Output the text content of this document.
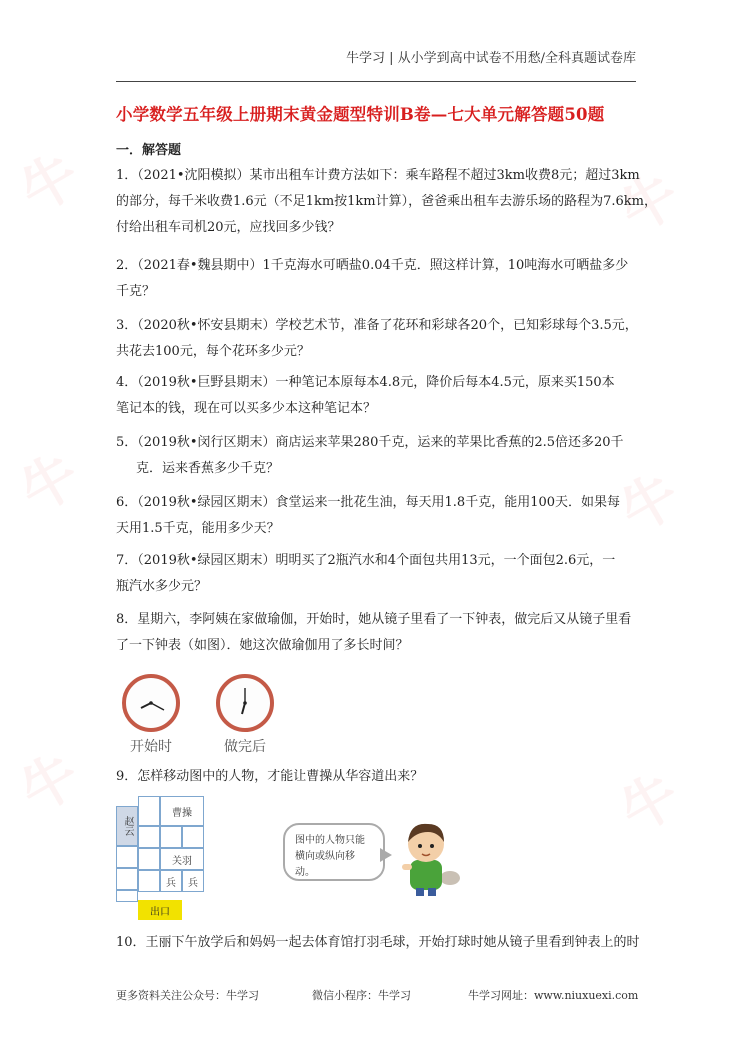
牛	牛
牛	牛
牛	牛
牛学习 | 从小学到高中试卷不用愁/全科真题试卷库
小学数学五年级上册期末黄金题型特训B卷—七大单元解答题50题
一．解答题
1．（2021•沈阳模拟）某市出租车计费方法如下：乘车路程不超过3km收费8元；超过3km
的部分，每千米收费1.6元（不足1km按1km计算），爸爸乘出租车去游乐场的路程为7.6km，
付给出租车司机20元，应找回多少钱？
2．（2021春•魏县期中）1千克海水可晒盐0.04千克．照这样计算，10吨海水可晒盐多少
千克？
3．（2020秋•怀安县期末）学校艺术节，准备了花环和彩球各20个，已知彩球每个3.5元，
共花去100元，每个花环多少元？
4．（2019秋•巨野县期末）一种笔记本原每本4.8元，降价后每本4.5元，原来买150本
笔记本的钱，现在可以买多少本这种笔记本？
5．（2019秋•闵行区期末）商店运来苹果280千克，运来的苹果比香蕉的2.5倍还多20千
克．运来香蕉多少千克？
6．（2019秋•绿园区期末）食堂运来一批花生油，每天用1.8千克，能用100天．如果每
天用1.5千克，能用多少天？
7．（2019秋•绿园区期末）明明买了2瓶汽水和4个面包共用13元，一个面包2.6元，一
瓶汽水多少元？
8．星期六，李阿姨在家做瑜伽，开始时，她从镜子里看了一下钟表，做完后又从镜子里看
了一下钟表（如图）．她这次做瑜伽用了多长时间？
开始时	做完后
9．怎样移动图中的人物，才能让曹操从华容道出来？
赵云
曹操
关羽
兵 兵
出口
图中的人物只能横向或纵向移动。
10．王丽下午放学后和妈妈一起去体育馆打羽毛球，开始打球时她从镜子里看到钟表上的时
更多资料关注公众号：牛学习	微信小程序：牛学习	牛学习网址：www.niuxuexi.com
